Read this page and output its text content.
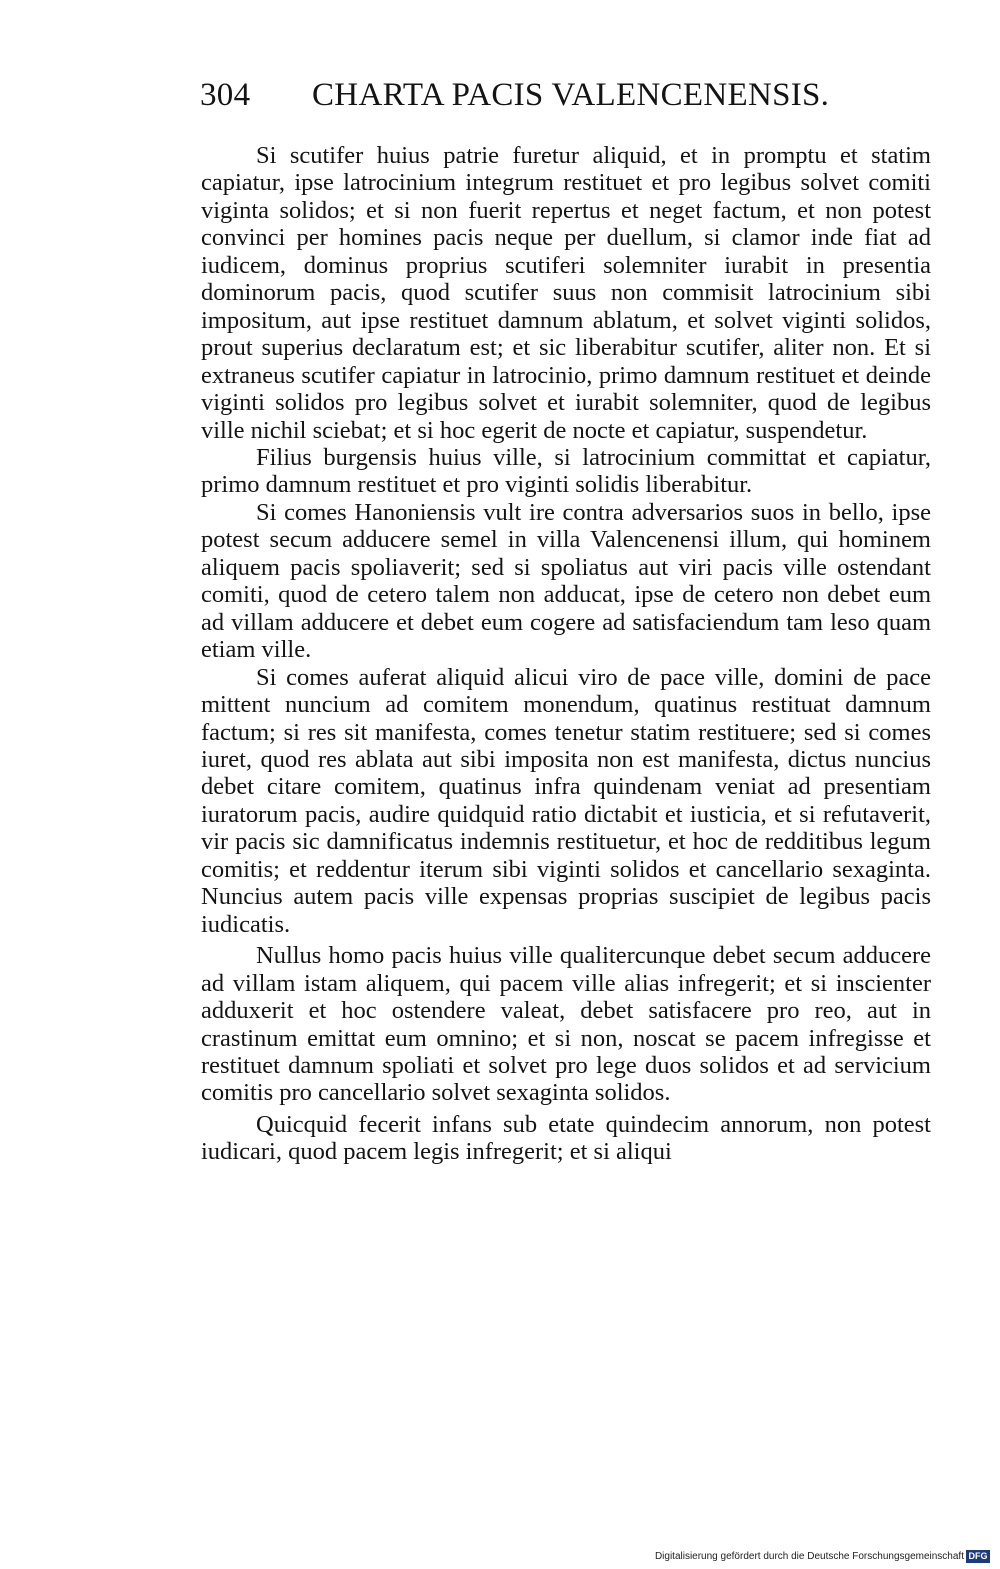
304 CHARTA PACIS VALENCENENSIS.

Si scutifer huius patrie furetur aliquid, et in promptu et statim capiatur, ipse latrocinium integrum restituet et pro legibus solvet comiti viginta solidos; et si non fuerit repertus et neget factum, et non potest convinci per homines pacis neque per duellum, si clamor inde fiat ad iudicem, dominus proprius scutiferi solemniter iurabit in presentia dominorum pacis, quod scutifer suus non commisit latrocinium sibi impositum, aut ipse restituet damnum ablatum, et solvet viginti solidos, prout superius declaratum est; et sic liberabitur scutifer, aliter non. Et si extraneus scutifer capiatur in latrocinio, primo damnum restituet et deinde viginti solidos pro legibus solvet et iurabit solemniter, quod de legibus ville nichil sciebat; et si hoc egerit de nocte et capiatur, suspendetur.

Filius burgensis huius ville, si latrocinium committat et capiatur, primo damnum restituet et pro viginti solidis liberabitur.

Si comes Hanoniensis vult ire contra adversarios suos in bello, ipse potest secum adducere semel in villa Valencenensi illum, qui hominem aliquem pacis spoliaverit; sed si spoliatus aut viri pacis ville ostendant comiti, quod de cetero talem non adducat, ipse de cetero non debet eum ad villam adducere et debet eum cogere ad satisfaciendum tam leso quam etiam ville.

Si comes auferat aliquid alicui viro de pace ville, domini de pace mittent nuncium ad comitem monendum, quatinus restituat damnum factum; si res sit manifesta, comes tenetur statim restituere; sed si comes iuret, quod res ablata aut sibi imposita non est manifesta, dictus nuncius debet citare comitem, quatinus infra quindenam veniat ad presentiam iuratorum pacis, audire quidquid ratio dictabit et iusticia, et si refutaverit, vir pacis sic damnificatus indemnis restituetur, et hoc de redditibus legum comitis; et reddentur iterum sibi viginti solidos et cancellario sexaginta. Nuncius autem pacis ville expensas proprias suscipiet de legibus pacis iudicatis.

Nullus homo pacis huius ville qualitercunque debet secum adducere ad villam istam aliquem, qui pacem ville alias infregerit; et si inscienter adduxerit et hoc ostendere valeat, debet satisfacere pro reo, aut in crastinum emittat eum omnino; et si non, noscat se pacem infregisse et restituet damnum spoliati et solvet pro lege duos solidos et ad servicium comitis pro cancellario solvet sexaginta solidos.

Quicquid fecerit infans sub etate quindecim annorum, non potest iudicari, quod pacem legis infregerit; et si aliqui

Digitalisierung gefördert durch die Deutsche Forschungsgemeinschaft DFG
